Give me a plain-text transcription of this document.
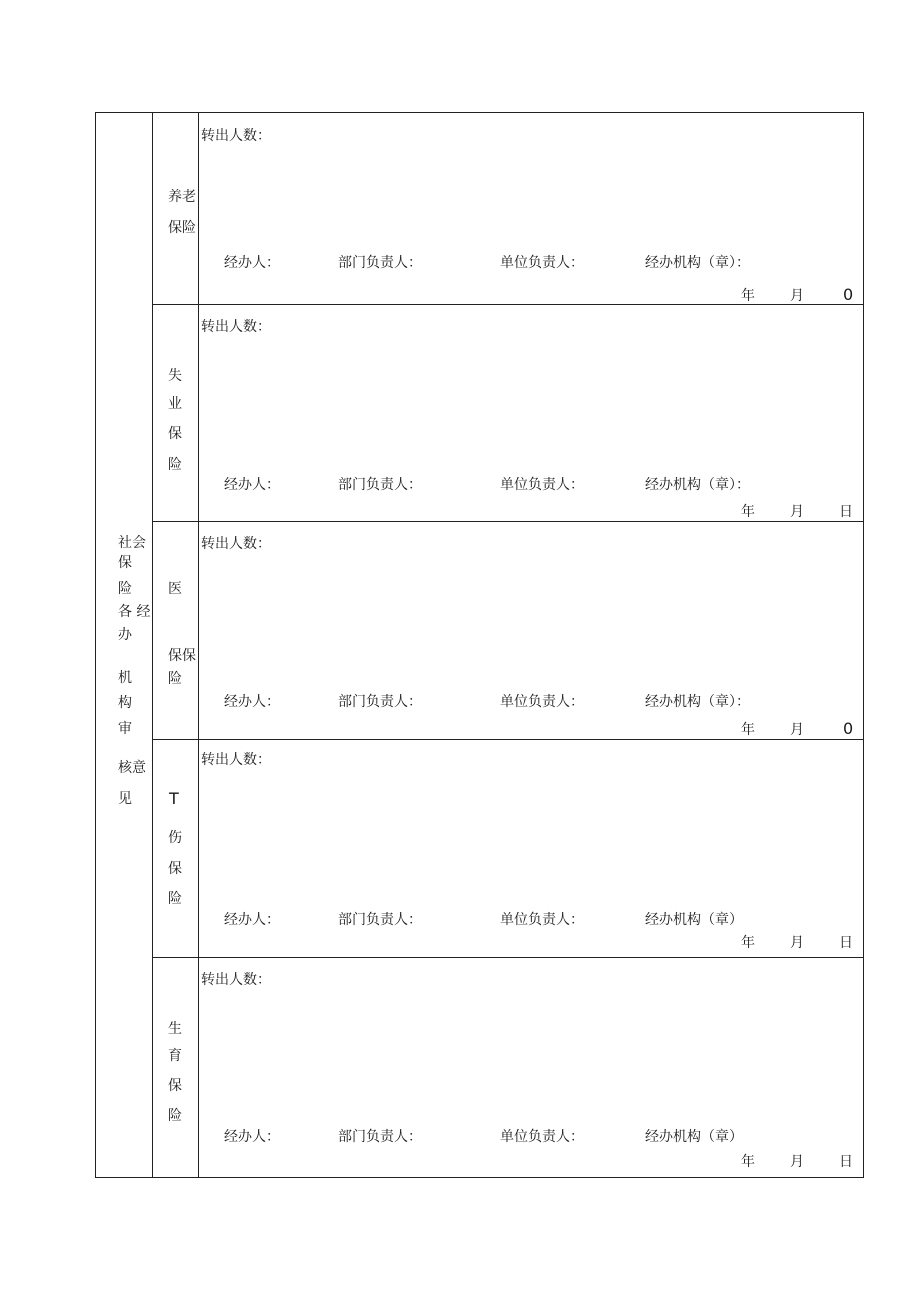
社会
保
险
各 经
办
机
构
审
核意
见
养老
保险
转出人数：
经办人：	部门负责人：	单位负责人：	经办机构（章）：
年	月 0
失
业
保
险
转出人数：
经办人：	部门负责人：	单位负责人：	经办机构（章）：
年	月	日
医
保保
险
转出人数：
经办人：	部门负责人：	单位负责人：	经办机构（章）：
年	月 0
T
伤
保
险
转出人数：
经办人：	部门负责人：	单位负责人：	经办机构（章）
年	月	日
生
育
保
险
转出人数：
经办人：	部门负责人：	单位负责人：	经办机构（章）
年	月	日
